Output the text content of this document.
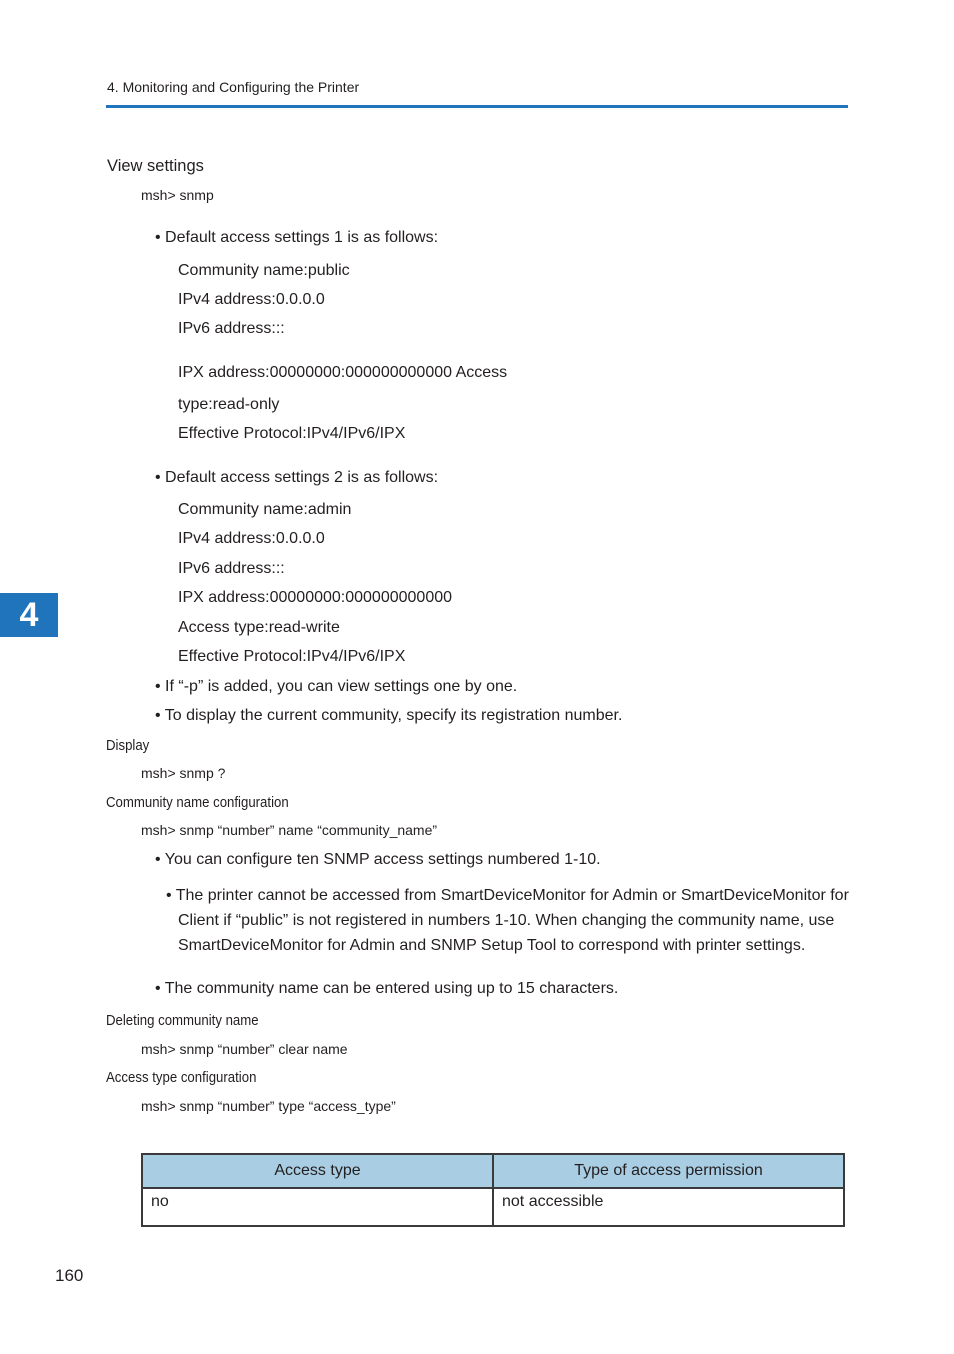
4. Monitoring and Configuring the Printer
4
View settings
msh> snmp
• Default access settings 1 is as follows:
Community name:public
IPv4 address:0.0.0.0
IPv6 address:::
IPX address:00000000:000000000000 Access
type:read-only
Effective Protocol:IPv4/IPv6/IPX
• Default access settings 2 is as follows:
Community name:admin
IPv4 address:0.0.0.0
IPv6 address:::
IPX address:00000000:000000000000
Access type:read-write
Effective Protocol:IPv4/IPv6/IPX
• If “-p” is added, you can view settings one by one.
• To display the current community, specify its registration number.
Display
msh> snmp ?
Community name configuration
msh> snmp “number” name “community_name”
• You can configure ten SNMP access settings numbered 1-10.
• The printer cannot be accessed from SmartDeviceMonitor for Admin or SmartDeviceMonitor for Client if “public” is not registered in numbers 1-10. When changing the community name, use SmartDeviceMonitor for Admin and SNMP Setup Tool to correspond with printer settings.
• The community name can be entered using up to 15 characters.
Deleting community name
msh> snmp “number” clear name
Access type configuration
msh> snmp “number” type “access_type”
Access type	Type of access permission
no	not accessible
160
